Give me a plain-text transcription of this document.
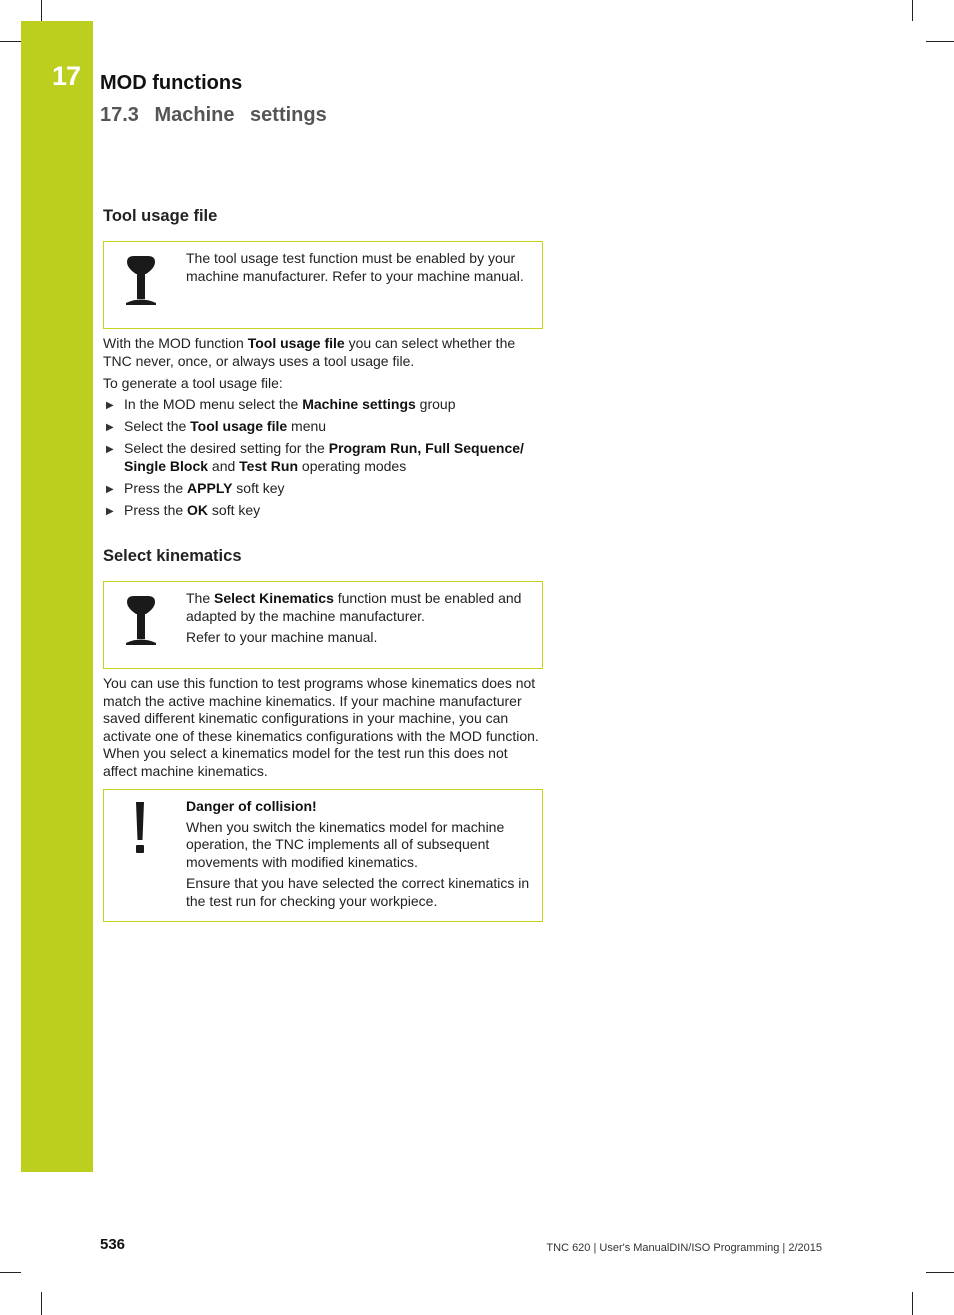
17 MOD functions
17.3 Machine settings
Tool usage file
The tool usage test function must be enabled by your machine manufacturer. Refer to your machine manual.

With the MOD function Tool usage file you can select whether the TNC never, once, or always uses a tool usage file.

To generate a tool usage file:

▶ In the MOD menu select the Machine settings group
▶ Select the Tool usage file menu
▶ Select the desired setting for the Program Run, Full Sequence/ Single Block and Test Run operating modes
▶ Press the APPLY soft key
▶ Press the OK soft key
Select kinematics

The Select Kinematics function must be enabled and adapted by the machine manufacturer.

Refer to your machine manual.

You can use this function to test programs whose kinematics does not match the active machine kinematics. If your machine manufacturer saved different kinematic configurations in your machine, you can activate one of these kinematics configurations with the MOD function. When you select a kinematics model for the test run this does not affect machine kinematics.

Danger of collision!

When you switch the kinematics model for machine operation, the TNC implements all of subsequent movements with modified kinematics.

Ensure that you have selected the correct kinematics in the test run for checking your workpiece.

536	TNC 620 | User's ManualDIN/ISO Programming | 2/2015
